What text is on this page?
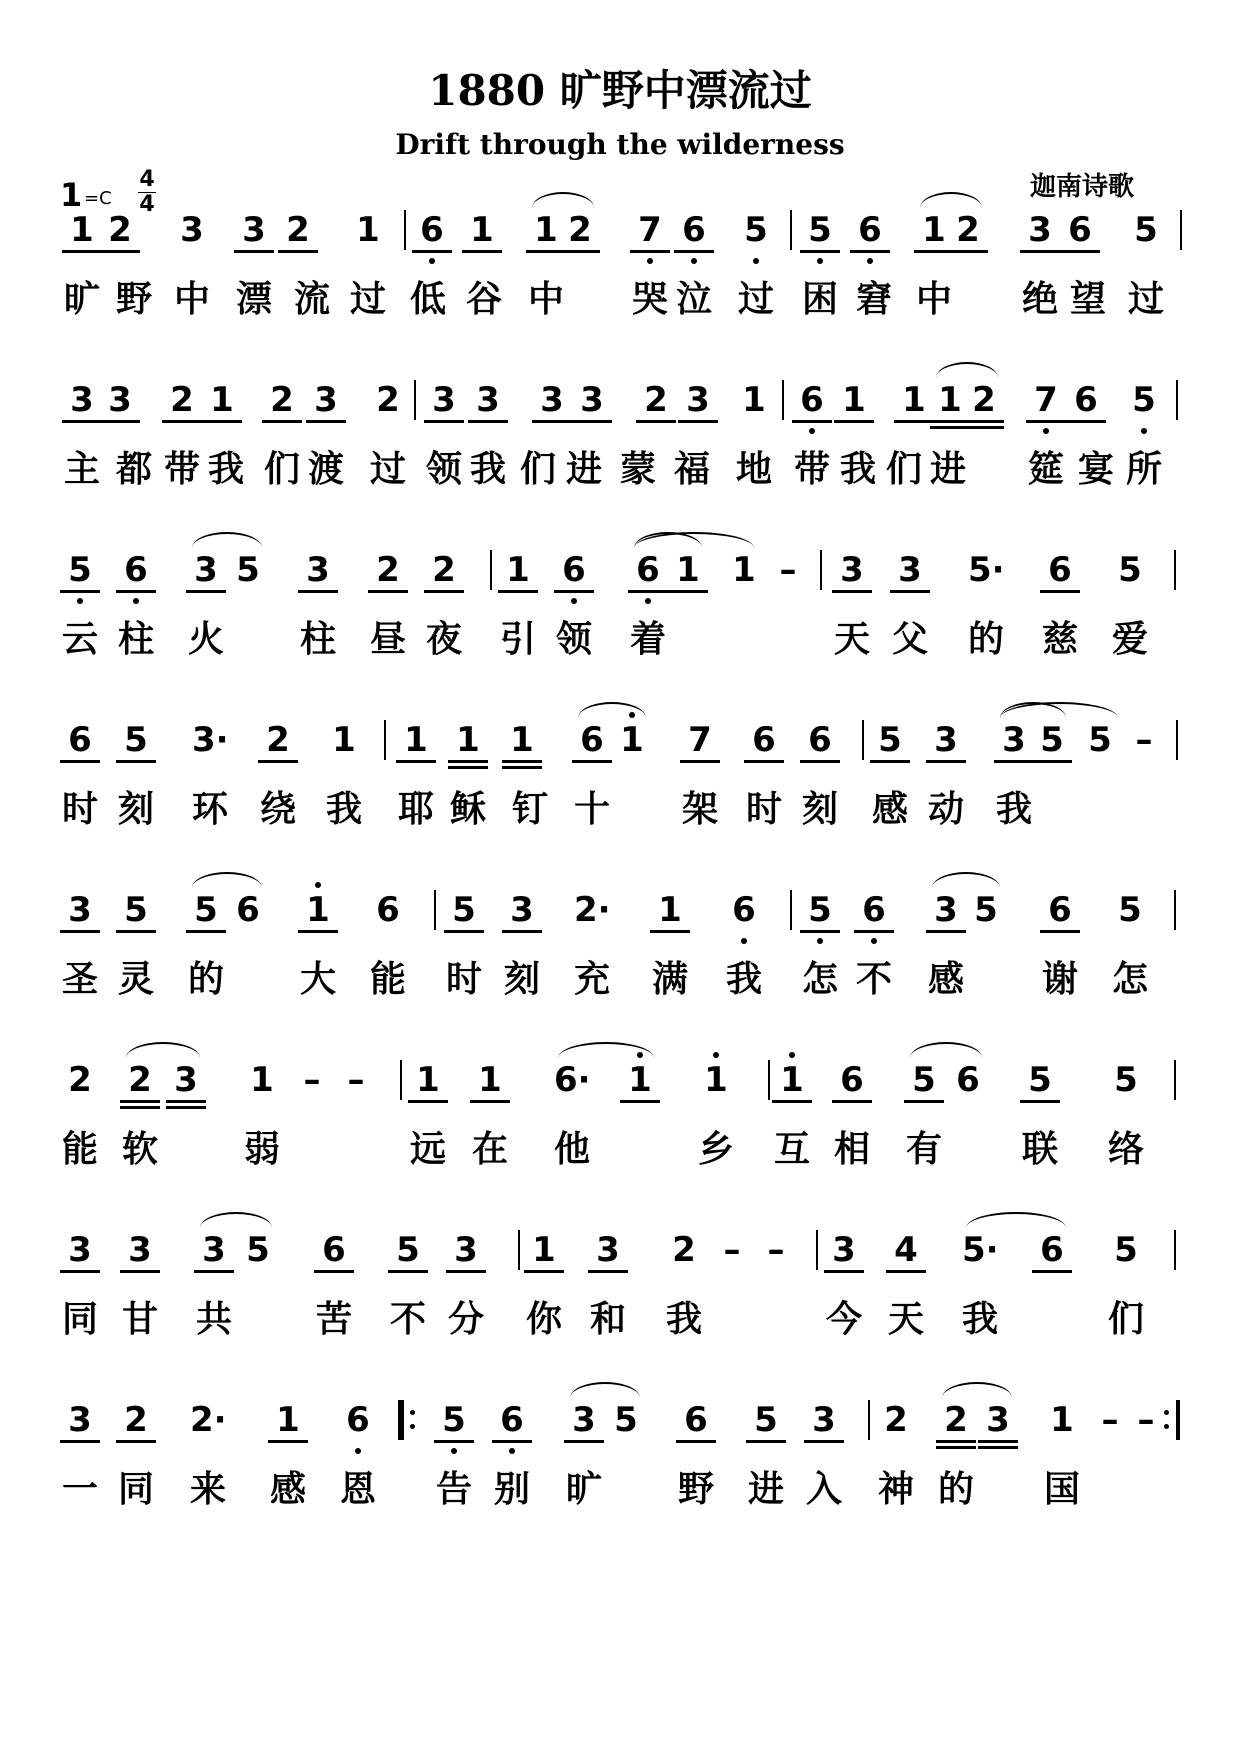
1880 旷野中漂流过
Drift through the wilderness
迦南诗歌
1 =C
4
4
1 2 3 3 2 1 6 1 1 2 7 6 5 5 6 1 2 3 6 5
旷 野 中 漂 流 过 低 谷 中 哭 泣 过 困 窘 中 绝 望 过
3 3 2 1 2 3 2 3 3 3 3 2 3 1 6 1 1 1 2 7 6 5
主 都 带 我 们 渡 过 领 我 们 进 蒙 福 地 带 我 们 进 筵 宴 所
5 6 3 5 3 2 2 1 6 6 1 1 – 3 3 5· 6 5
云 柱 火 柱 昼 夜 引 领 着	天 父 的 慈 爱
6 5 3· 2 1 1 1 1 6 1 7 6 6 5 3 3 5 5 –
时 刻 环 绕 我 耶 稣 钉 十 架 时 刻 感 动 我
3 5 5 6 1 6 5 3 2· 1 6 5 6 3 5 6 5
圣 灵 的 大 能 时 刻 充 满 我 怎 不 感 谢 怎
2 2 3 1 – – 1 1 6· 1 1 1 6 5 6 5 5
能 软 弱	远 在 他	乡 互 相 有 联 络
3 3 3 5 6 5 3 1 3 2 – – 3 4 5· 6 5
同 甘 共 苦 不 分 你 和 我	今 天 我	们
3 2 2· 1 6 5 6 3 5 6 5 3 2 2 3 1 – –
一 同 来 感 恩 告 别 旷 野 进 入 神 的 国
